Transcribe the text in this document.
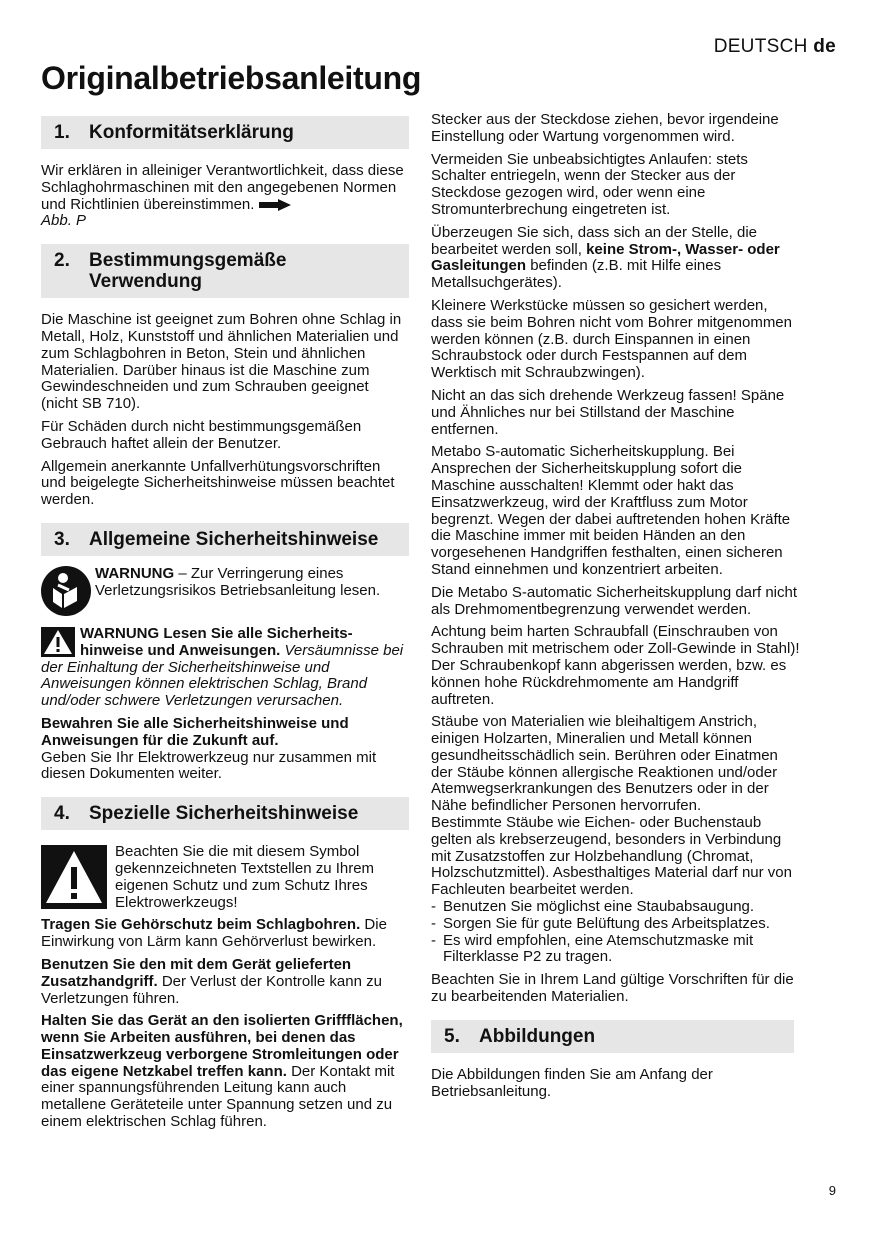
DEUTSCH de
Originalbetriebsanleitung
1.	Konformitätserklärung

Wir erklären in alleiniger Verantwortlichkeit, dass diese Schlaghohrmaschinen mit den angegebenen Normen und Richtlinien übereinstimmen.
Abb. P

2.	Bestimmungsgemäße Verwendung

Die Maschine ist geeignet zum Bohren ohne Schlag in Metall, Holz, Kunststoff und ähnlichen Materialien und zum Schlagbohren in Beton, Stein und ähnlichen Materialien. Darüber hinaus ist die Maschine zum Gewindeschneiden und zum Schrauben geeignet (nicht SB 710).

Für Schäden durch nicht bestimmungsgemäßen Gebrauch haftet allein der Benutzer.

Allgemein anerkannte Unfallverhütungsvorschriften und beigelegte Sicherheitshinweise müssen beachtet werden.

3.	Allgemeine Sicherheitshinweise
WARNUNG – Zur Verringerung eines Verletzungsrisikos Betriebsanleitung lesen.

WARNUNG Lesen Sie alle Sicherheits-hinweise und Anweisungen. Versäumnisse bei der Einhaltung der Sicherheitshinweise und Anweisungen können elektrischen Schlag, Brand und/oder schwere Verletzungen verursachen.

Bewahren Sie alle Sicherheitshinweise und Anweisungen für die Zukunft auf.
Geben Sie Ihr Elektrowerkzeug nur zusammen mit diesen Dokumenten weiter.

4.	Spezielle Sicherheitshinweise
Beachten Sie die mit diesem Symbol gekennzeichneten Textstellen zu Ihrem eigenen Schutz und zum Schutz Ihres Elektrowerkzeugs!

Tragen Sie Gehörschutz beim Schlagbohren. Die Einwirkung von Lärm kann Gehörverlust bewirken.

Benutzen Sie den mit dem Gerät gelieferten Zusatzhandgriff. Der Verlust der Kontrolle kann zu Verletzungen führen.

Halten Sie das Gerät an den isolierten Griffflächen, wenn Sie Arbeiten ausführen, bei denen das Einsatzwerkzeug verborgene Stromleitungen oder das eigene Netzkabel treffen kann. Der Kontakt mit einer spannungsführenden Leitung kann auch metallene Geräteteile unter Spannung setzen und zu einem elektrischen Schlag führen.

Stecker aus der Steckdose ziehen, bevor irgendeine Einstellung oder Wartung vorgenommen wird.

Vermeiden Sie unbeabsichtigtes Anlaufen: stets Schalter entriegeln, wenn der Stecker aus der Steckdose gezogen wird, oder wenn eine Stromunterbrechung eingetreten ist.

Überzeugen Sie sich, dass sich an der Stelle, die bearbeitet werden soll, keine Strom-, Wasser- oder Gasleitungen befinden (z.B. mit Hilfe eines Metallsuchgerätes).

Kleinere Werkstücke müssen so gesichert werden, dass sie beim Bohren nicht vom Bohrer mitgenommen werden können (z.B. durch Einspannen in einen Schraubstock oder durch Festspannen auf dem Werktisch mit Schraubzwingen).

Nicht an das sich drehende Werkzeug fassen! Späne und Ähnliches nur bei Stillstand der Maschine entfernen.

Metabo S-automatic Sicherheitskupplung. Bei Ansprechen der Sicherheitskupplung sofort die Maschine ausschalten! Klemmt oder hakt das Einsatzwerkzeug, wird der Kraftfluss zum Motor begrenzt. Wegen der dabei auftretenden hohen Kräfte die Maschine immer mit beiden Händen an den vorgesehenen Handgriffen festhalten, einen sicheren Stand einnehmen und konzentriert arbeiten.

Die Metabo S-automatic Sicherheitskupplung darf nicht als Drehmomentbegrenzung verwendet werden.

Achtung beim harten Schraubfall (Einschrauben von Schrauben mit metrischem oder Zoll-Gewinde in Stahl)! Der Schraubenkopf kann abgerissen werden, bzw. es können hohe Rückdrehmomente am Handgriff auftreten.

Stäube von Materialien wie bleihaltigem Anstrich, einigen Holzarten, Mineralien und Metall können gesundheitsschädlich sein. Berühren oder Einatmen der Stäube können allergische Reaktionen und/oder Atemwegserkrankungen des Benutzers oder in der Nähe befindlicher Personen hervorrufen.

Bestimmte Stäube wie Eichen- oder Buchenstaub gelten als krebserzeugend, besonders in Verbindung mit Zusatzstoffen zur Holzbehandlung (Chromat, Holzschutzmittel). Asbesthaltiges Material darf nur von Fachleuten bearbeitet werden.

- Benutzen Sie möglichst eine Staubabsaugung.
- Sorgen Sie für gute Belüftung des Arbeitsplatzes.
- Es wird empfohlen, eine Atemschutzmaske mit Filterklasse P2 zu tragen.

Beachten Sie in Ihrem Land gültige Vorschriften für die zu bearbeitenden Materialien.

5.	Abbildungen

Die Abbildungen finden Sie am Anfang der Betriebsanleitung.

9
